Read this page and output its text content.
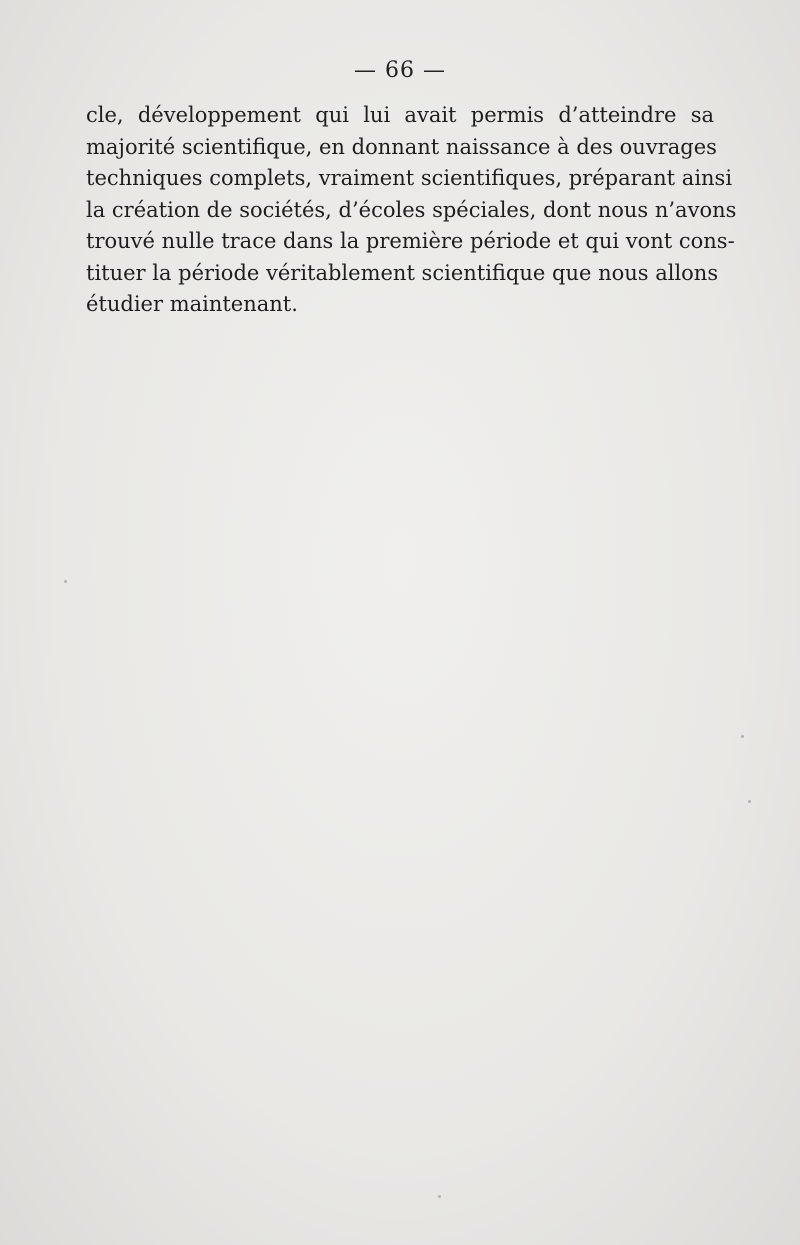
— 66 —
cle, développement qui lui avait permis d’atteindre sa
majorité scientifique, en donnant naissance à des ouvrages
techniques complets, vraiment scientifiques, préparant ainsi
la création de sociétés, d’écoles spéciales, dont nous n’avons
trouvé nulle trace dans la première période et qui vont cons-
tituer la période véritablement scientifique que nous allons
étudier maintenant.
